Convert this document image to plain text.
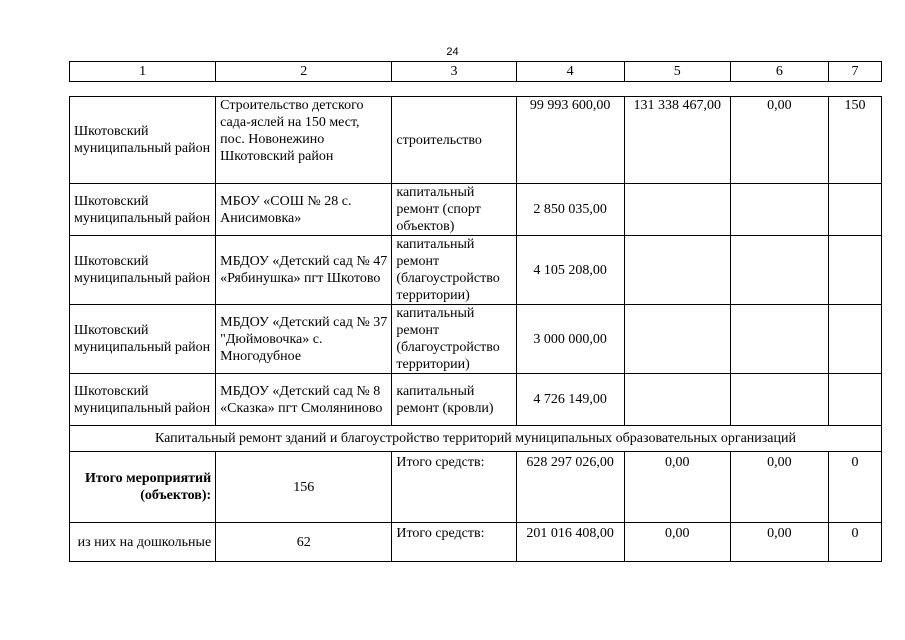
24
1	2	3	4	5	6	7
Шкотовский муниципальный район	Строительство детского сада-яслей на 150 мест, пос. Новонежино Шкотовский район	строительство	99 993 600,00	131 338 467,00	0,00	150
Шкотовский муниципальный район	МБОУ «СОШ № 28 с. Анисимовка»	капитальный ремонт (спорт объектов)	2 850 035,00			
Шкотовский муниципальный район	МБДОУ «Детский сад № 47 «Рябинушка» пгт Шкотово	капитальный ремонт (благоустройство территории)	4 105 208,00			
Шкотовский муниципальный район	МБДОУ «Детский сад № 37 "Дюймовочка» с. Многодубное	капитальный ремонт (благоустройство территории)	3 000 000,00			
Шкотовский муниципальный район	МБДОУ «Детский сад № 8 «Сказка» пгт Смоляниново	капитальный ремонт (кровли)	4 726 149,00			
Капитальный ремонт зданий и благоустройство территорий муниципальных образовательных организаций						
Итого мероприятий (объектов):	156	Итого средств:	628 297 026,00	0,00	0,00	0
из них на дошкольные	62	Итого средств:	201 016 408,00	0,00	0,00	0
